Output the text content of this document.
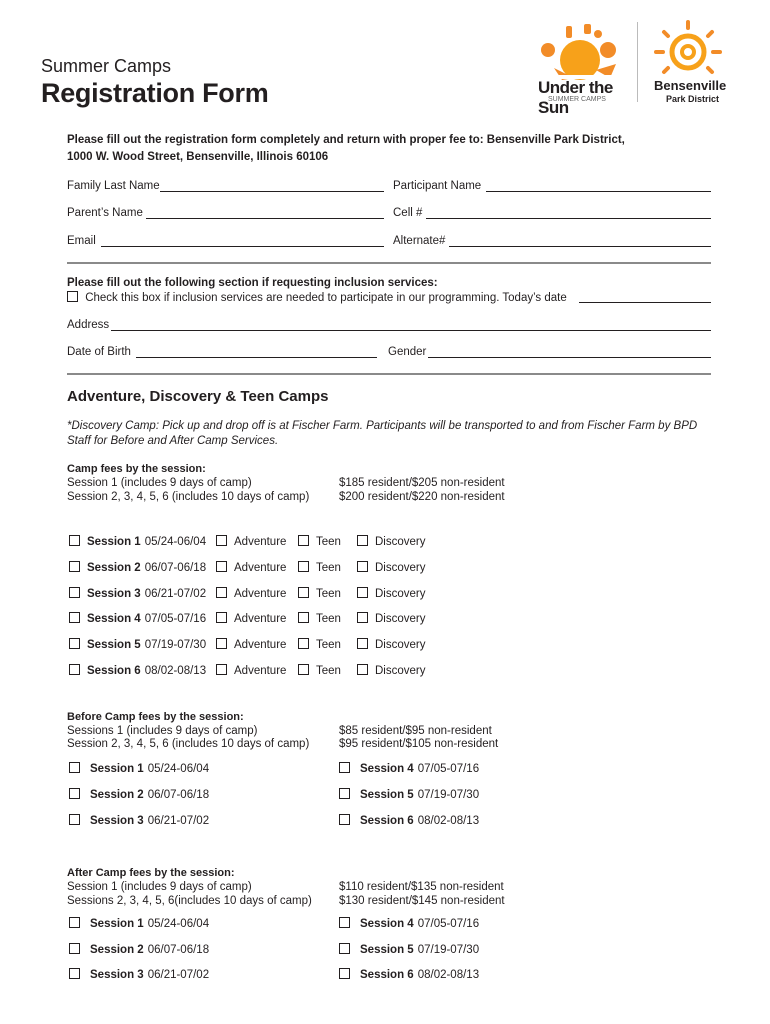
Summer Camps
Registration Form	Under the Sun
SUMMER CAMPS
Bensenville
Park District
Please fill out the registration form completely and return with proper fee to: Bensenville Park District,
1000 W. Wood Street, Bensenville, Illinois 60106
Family Last Name	Participant Name
Parent’s Name	Cell #
Email	Alternate#
Please fill out the following section if requesting inclusion services:
Check this box if inclusion services are needed to participate in our programming. Today’s date
Address
Date of Birth	Gender
Adventure, Discovery & Teen Camps
*Discovery Camp: Pick up and drop off is at Fischer Farm. Participants will be transported to and from Fischer Farm by BPD
Staff for Before and After Camp Services.
Camp fees by the session:
Session 1 (includes 9 days of camp)	$185 resident/$205 non-resident
Session 2, 3, 4, 5, 6 (includes 10 days of camp)	$200 resident/$220 non-resident
Session 1 05/24-06/04	Adventure	Teen	Discovery
Session 2 06/07-06/18	Adventure	Teen	Discovery
Session 3 06/21-07/02	Adventure	Teen	Discovery
Session 4 07/05-07/16	Adventure	Teen	Discovery
Session 5 07/19-07/30	Adventure	Teen	Discovery
Session 6 08/02-08/13	Adventure	Teen	Discovery
Before Camp fees by the session:
Sessions 1 (includes 9 days of camp)	$85 resident/$95 non-resident
Session 2, 3, 4, 5, 6 (includes 10 days of camp)	$95 resident/$105 non-resident
Session 1 05/24-06/04
Session 2 06/07-06/18
Session 3 06/21-07/02
Session 4 07/05-07/16
Session 5 07/19-07/30
Session 6 08/02-08/13
After Camp fees by the session:
Session 1 (includes 9 days of camp)	$110 resident/$135 non-resident
Sessions 2, 3, 4, 5, 6(includes 10 days of camp) $130 resident/$145 non-resident
Session 1 05/24-06/04
Session 2 06/07-06/18
Session 3 06/21-07/02
Session 4 07/05-07/16
Session 5 07/19-07/30
Session 6 08/02-08/13
